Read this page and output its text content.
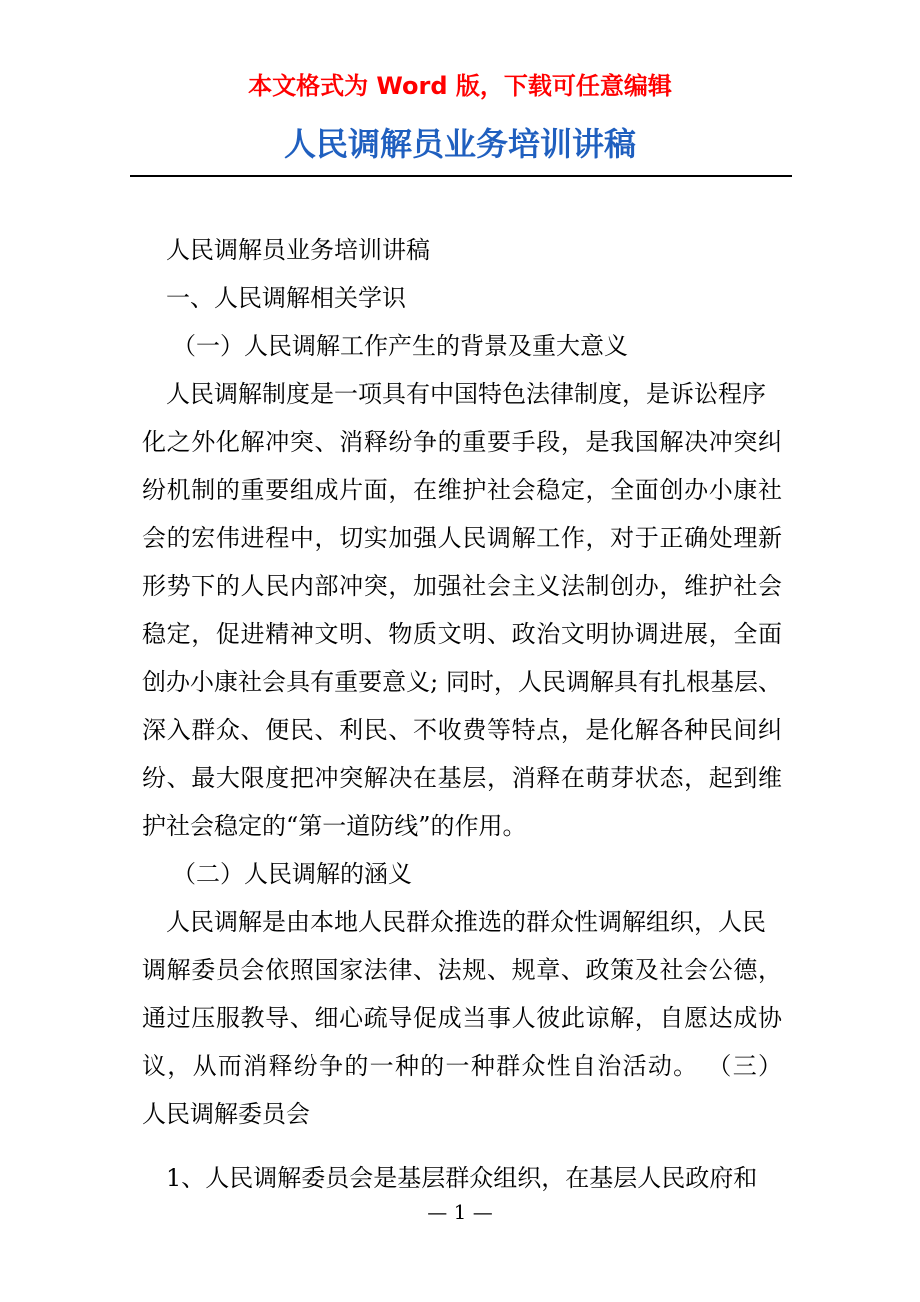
本文格式为 Word 版，下载可任意编辑
人民调解员业务培训讲稿
人民调解员业务培训讲稿
一、人民调解相关学识
（一）人民调解工作产生的背景及重大意义
人民调解制度是一项具有中国特色法律制度，是诉讼程序
化之外化解冲突、消释纷争的重要手段，是我国解决冲突纠
纷机制的重要组成片面，在维护社会稳定，全面创办小康社
会的宏伟进程中，切实加强人民调解工作，对于正确处理新
形势下的人民内部冲突，加强社会主义法制创办，维护社会
稳定，促进精神文明、物质文明、政治文明协调进展，全面
创办小康社会具有重要意义; 同时，人民调解具有扎根基层、
深入群众、便民、利民、不收费等特点，是化解各种民间纠
纷、最大限度把冲突解决在基层，消释在萌芽状态，起到维
护社会稳定的“第一道防线”的作用。
（二）人民调解的涵义
人民调解是由本地人民群众推选的群众性调解组织，人民
调解委员会依照国家法律、法规、规章、政策及社会公德，
通过压服教导、细心疏导促成当事人彼此谅解，自愿达成协
议，从而消释纷争的一种的一种群众性自治活动。 （三）
人民调解委员会
1、人民调解委员会是基层群众组织，在基层人民政府和
— 1 —
